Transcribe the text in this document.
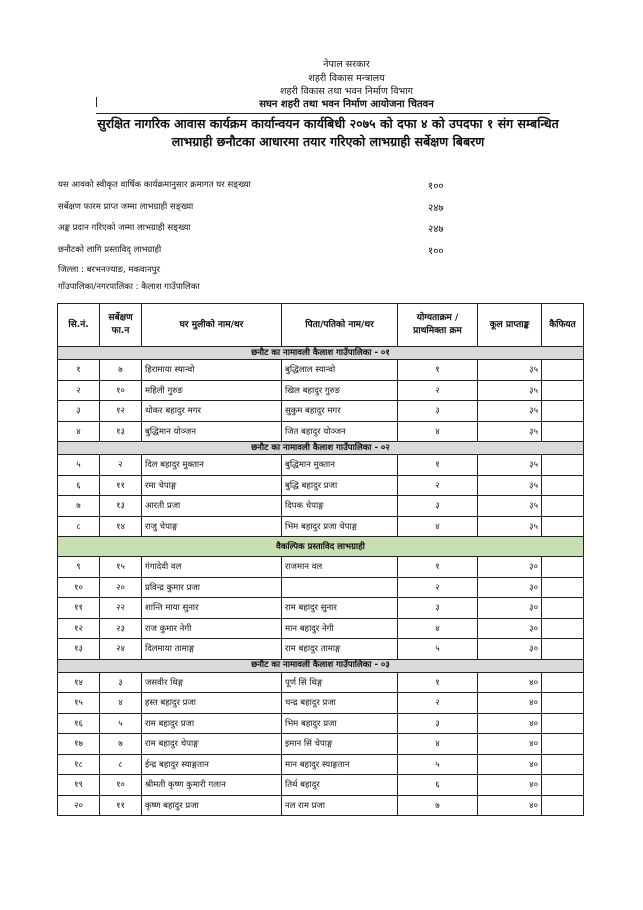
नेपाल सरकार
शहरी विकास मन्त्रालय
शहरी विकास तथा भवन निर्माण विभाग
सघन शहरी तथा भवन निर्माण आयोजना चितवन
सुरक्षित नागरिक आवास कार्यक्रम कार्यान्वयन कार्यबिधी २०७५ को दफा ४ को उपदफा १ संग सम्बन्धित
लाभग्राही छनौटका आधारमा तयार गरिएको लाभग्राही सर्बेक्षण बिबरण
यस आवको स्वीकृत वार्षिक कार्यक्रमानुसार क्रमागत घर सङ्ख्या	१००
सर्बेक्षण फारम प्राप्त जम्मा लाभग्राही सङ्ख्या	२४७
अङ्क प्रदान गरिएको जम्मा लाभग्राही सङ्ख्या	२४७
छनौटको लागि प्रस्ताविद् लाभग्राही	१००
जिल्ला : बरभनज्याङ, मकवानपुर
गाँउपालिका/नगरपालिका : कैलाश गाउँपालिका
सि.नं.	सर्बेक्षण फा.न	घर मुलीको नाम/थर	पिता/पतिको नाम/थर	योग्यताक्रम /प्राथमिक्ता क्रम	कूल प्राप्ताङ्क	कैफियत
छनौट का नामावली कैलाश गाउँपालिका - ०१						
१	७	हिरामाया स्यान्वो	बुद्धिलाल स्यान्वो	१	३५	
२	१०	महिली गुरुङ	खिल बहादुर गुरुङ	२	३५	
३	१२	थोकर बहादुर मगर	सुकुम बहादुर मगर	३	३५	
४	१३	बुद्धिमान योञ्जन	जित बहादुर योञ्जन	४	३५	
छनौट का नामावली कैलाश गाउँपालिका - ०२						
५	२	दिल बहादुर मुक्तान	बुद्धिमान मुक्तान	१	३५	
६	११	रमा चेपाङ्ग	बुद्धि बहादुर प्रजा	२	३५	
७	१३	आरती प्रजा	दिपक चेपाङ्ग	३	३५	
८	१४	राजु चेपाङ्ग	भिम बहादुर प्रजा चेपाङ्ग	४	३५	
वैकल्पिक प्रस्ताविद लाभग्राही						
९	१५	गंगादेवी वल	राजमान वल	१	३०	
१०	२०	प्रविन्द्र कुमार प्रजा		२	३०	
११	२२	शान्ति माया सुनार	राम बहादुर सुनार	३	३०	
१२	२३	राज कुमार नेगी	मान बहादुर नेगी	४	३०	
१३	२४	दिलमाया तामाङ्ग	राम बहादुर तामाङ्ग	५	३०	
छनौट का नामावली कैलाश गाउँपालिका - ०३						
१४	३	जसवीर थिङ्ग	पूर्ण सिं थिङ्ग	१	४०	
१५	४	हस्त बहादुर प्रजा	चन्द्र बहादुर प्रजा	२	४०	
१६	५	राम बहादुर प्रजा	भिम बहादुर प्रजा	३	४०	
१७	७	राम बहादुर चेपाङ्ग	इमान सिं चेपाङ्ग	४	४०	
१८	८	ईन्द्र बहादुर स्याङ्गतान	मान बहादुर स्याङ्गतान	५	४०	
१९	१०	श्रीमती कृष्ण कुमारी गलान	तिर्थ बहादुर	६	४०	
२०	११	कृष्ण बहादुर प्रजा	नल राम प्रजा	७	४०	
